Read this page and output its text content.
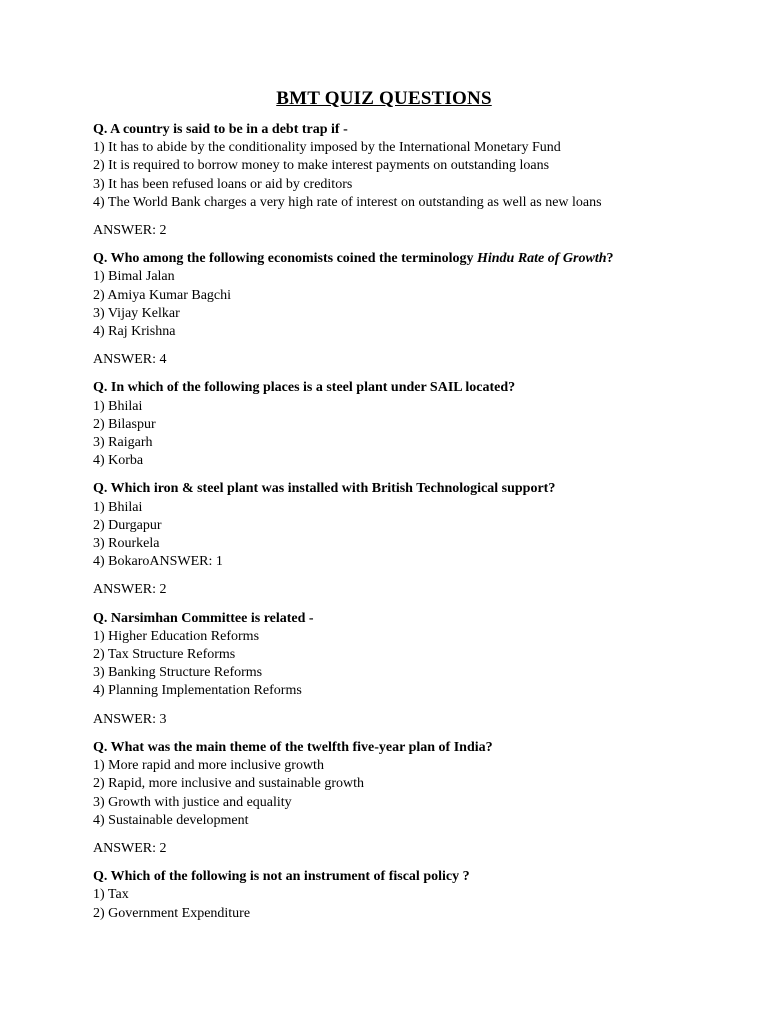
BMT QUIZ QUESTIONS
Q. A country is said to be in a debt trap if -
1) It has to abide by the conditionality imposed by the International Monetary Fund
2) It is required to borrow money to make interest payments on outstanding loans
3) It has been refused loans or aid by creditors
4) The World Bank charges a very high rate of interest on outstanding as well as new loans
ANSWER: 2
Q. Who among the following economists coined the terminology Hindu Rate of Growth?
1) Bimal Jalan
2) Amiya Kumar Bagchi
3) Vijay Kelkar
4) Raj Krishna
ANSWER: 4
Q. In which of the following places is a steel plant under SAIL located?
1) Bhilai
2) Bilaspur
3) Raigarh
4) Korba
Q. Which iron & steel plant was installed with British Technological support?
1) Bhilai
2) Durgapur
3) Rourkela
4) BokaroANSWER: 1
ANSWER: 2
Q. Narsimhan Committee is related -
1) Higher Education Reforms
2) Tax Structure Reforms
3) Banking Structure Reforms
4) Planning Implementation Reforms
ANSWER: 3
Q. What was the main theme of the twelfth five-year plan of India?
1) More rapid and more inclusive growth
2) Rapid, more inclusive and sustainable growth
3) Growth with justice and equality
4) Sustainable development
ANSWER: 2
Q. Which of the following is not an instrument of fiscal policy ?
1) Tax
2) Government Expenditure
